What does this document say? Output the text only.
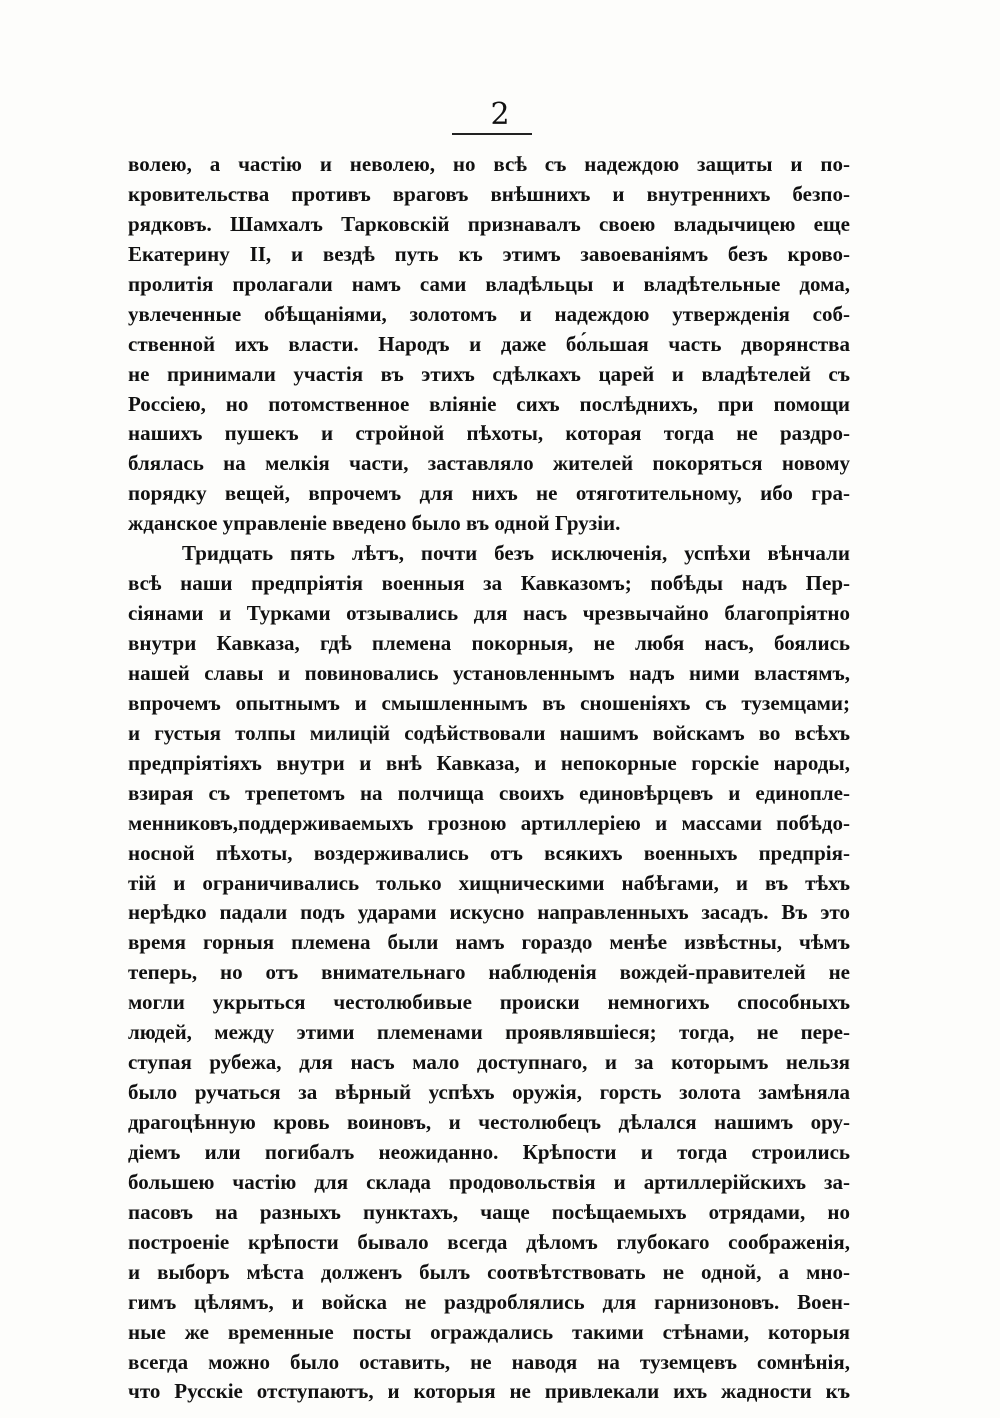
2
волею, а частію и неволею, но всѣ съ надеждою защиты и по-
кровительства противъ враговъ внѣшнихъ и внутреннихъ безпо-
рядковъ. Шамхалъ Тарковскій признавалъ своею владычицею еще
Екатерину II, и вездѣ путь къ этимъ завоеваніямъ безъ крово-
пролитія пролагали намъ сами владѣльцы и владѣтельные дома,
увлеченные обѣщаніями, золотомъ и надеждою утвержденія соб-
ственной ихъ власти. Народъ и даже бо́льшая часть дворянства
не принимали участія въ этихъ сдѣлкахъ царей и владѣтелей съ
Россіею, но потомственное вліяніе сихъ послѣднихъ, при помощи
нашихъ пушекъ и стройной пѣхоты, которая тогда не раздро-
блялась на мелкія части, заставляло жителей покоряться новому
порядку вещей, впрочемъ для нихъ не отяготительному, ибо гра-
жданское управленіе введено было въ одной Грузіи.
Тридцать пять лѣтъ, почти безъ исключенія, успѣхи вѣнчали
всѣ наши предпріятія военныя за Кавказомъ; побѣды надъ Пер-
сіянами и Турками отзывались для насъ чрезвычайно благопріятно
внутри Кавказа, гдѣ племена покорныя, не любя насъ, боялись
нашей славы и повиновались установленнымъ надъ ними властямъ,
впрочемъ опытнымъ и смышленнымъ въ сношеніяхъ съ туземцами;
и густыя толпы милицій содѣйствовали нашимъ войскамъ во всѣхъ
предпріятіяхъ внутри и внѣ Кавказа, и непокорные горскіе народы,
взирая съ трепетомъ на полчища своихъ единовѣрцевъ и единопле-
менниковъ,поддерживаемыхъ грозною артиллеріею и массами побѣдо-
носной пѣхоты, воздерживались отъ всякихъ военныхъ предпрія-
тій и ограничивались только хищническими набѣгами, и въ тѣхъ
нерѣдко падали подъ ударами искусно направленныхъ засадъ. Въ это
время горныя племена были намъ гораздо менѣе извѣстны, чѣмъ
теперь, но отъ внимательнаго наблюденія вождей-правителей не
могли укрыться честолюбивые происки немногихъ способныхъ
людей, между этими племенами проявлявшіеся; тогда, не пере-
ступая рубежа, для насъ мало доступнаго, и за которымъ нельзя
было ручаться за вѣрный успѣхъ оружія, горсть золота замѣняла
драгоцѣнную кровь воиновъ, и честолюбецъ дѣлался нашимъ ору-
діемъ или погибалъ неожиданно. Крѣпости и тогда строились
большею частію для склада продовольствія и артиллерійскихъ за-
пасовъ на разныхъ пунктахъ, чаще посѣщаемыхъ отрядами, но
построеніе крѣпости бывало всегда дѣломъ глубокаго соображенія,
и выборъ мѣста долженъ былъ соотвѣтствовать не одной, а мно-
гимъ цѣлямъ, и войска не раздроблялись для гарнизоновъ. Воен-
ные же временные посты ограждались такими стѣнами, которыя
всегда можно было оставить, не наводя на туземцевъ сомнѣнія,
что Русскіе отступаютъ, и которыя не привлекали ихъ жадности къ
